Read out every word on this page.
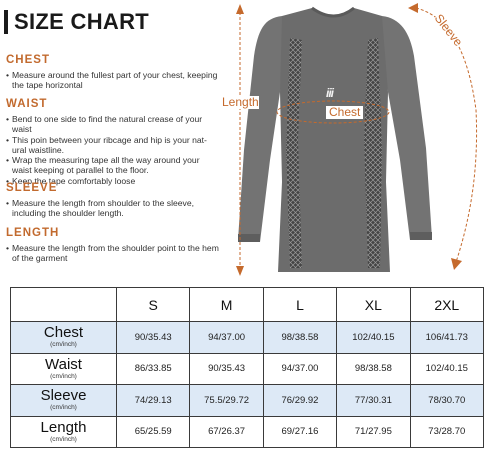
SIZE CHART
CHEST
• Measure around the fullest part of your chest, keeping the tape horizontal
WAIST
• Bend to one side to find the natural crease of your waist
• This poin between your ribcage and hip is your nat-ural waistline.
• Wrap the measuring tape all the way around your waist keeping ot parallel to the floor.
• Keep the tape comfortably loose
SLEEVE
• Measure the length from shoulder to the sleeve, including the shoulder length.
LENGTH
• Measure the length from the shoulder point to the hem of the garment
Length
Chest
Sleeve
iii
	S	M	L	XL	2XL

Chest
(cm/inch)	90/35.43	94/37.00	98/38.58	102/40.15	106/41.73

Waist
(cm/inch)	86/33.85	90/35.43	94/37.00	98/38.58	102/40.15

Sleeve
(cm/inch)	74/29.13	75.5/29.72	76/29.92	77/30.31	78/30.70

Length
(cm/inch)	65/25.59	67/26.37	69/27.16	71/27.95	73/28.70
